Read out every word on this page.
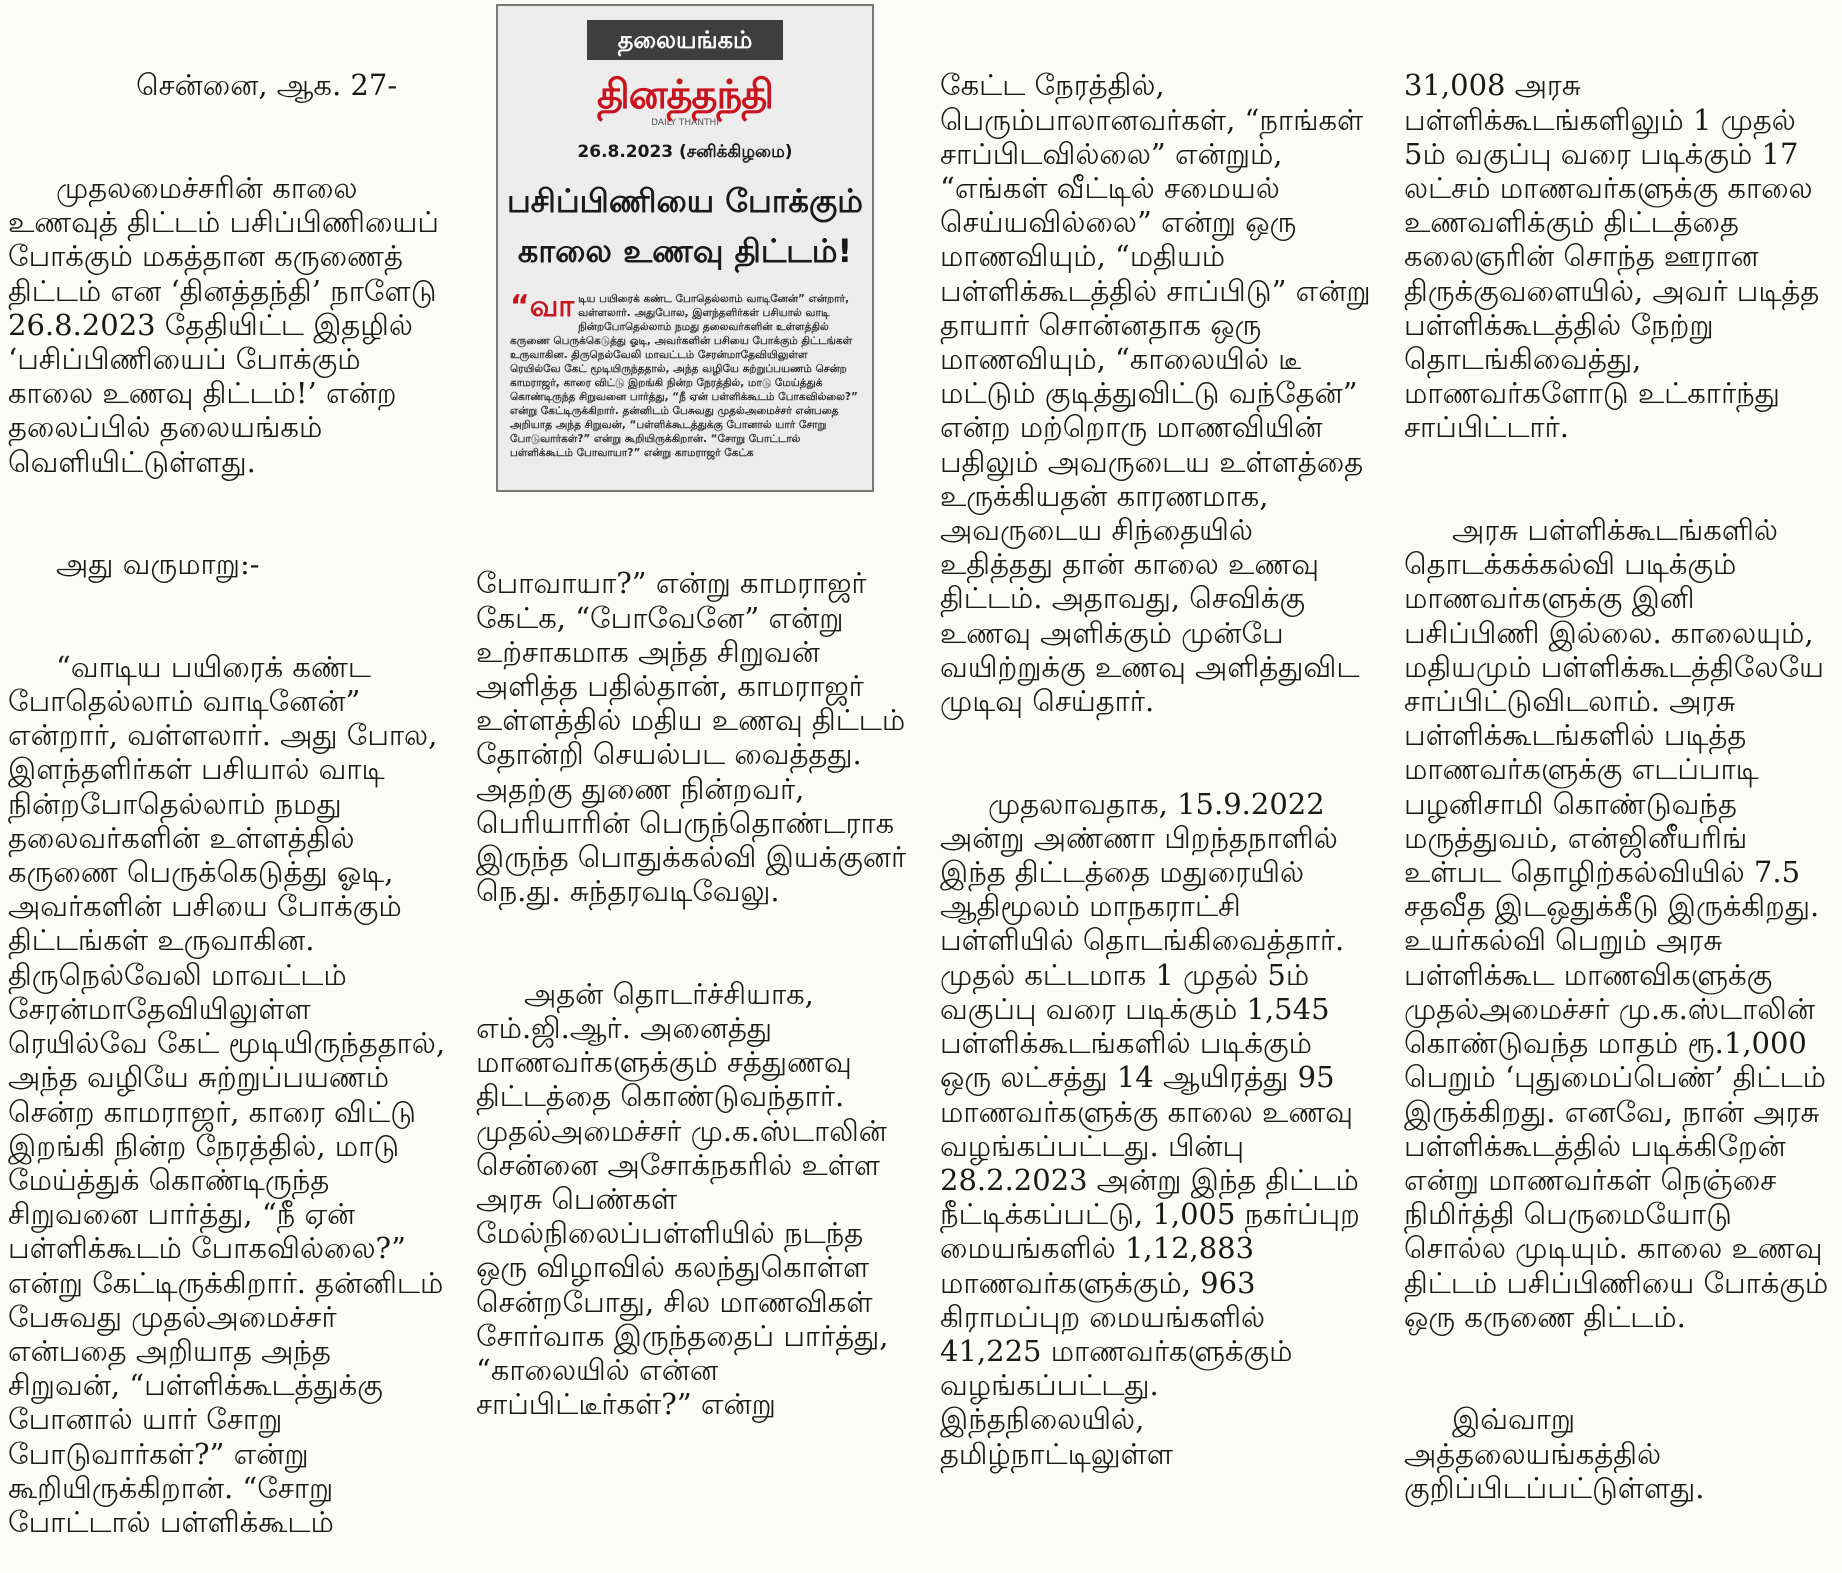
சென்னை, ஆக. 27-

முதலமைச்சரின் காலை உணவுத் திட்டம் பசிப்பிணியைப் போக்கும் மகத்தான கருணைத் திட்டம் என ‘தினத்தந்தி’ நாளேடு 26.8.2023 தேதியிட்ட இதழில் ‘பசிப்பிணியைப் போக்கும் காலை உணவு திட்டம்!’ என்ற தலைப்பில் தலையங்கம் வெளியிட்டுள்ளது.

அது வருமாறு:-

“வாடிய பயிரைக் கண்ட போதெல்லாம் வாடினேன்” என்றார், வள்ளலார். அது போல, இளந்தளிர்கள் பசியால் வாடி நின்றபோதெல்லாம் நமது தலைவர்களின் உள்ளத்தில் கருணை பெருக்கெடுத்து ஓடி, அவர்களின் பசியை போக்கும் திட்டங்கள் உருவாகின. திருநெல்வேலி மாவட்டம் சேரன்மாதேவியிலுள்ள ரெயில்வே கேட் மூடியிருந்ததால், அந்த வழியே சுற்றுப்பயணம் சென்ற காமராஜர், காரை விட்டு இறங்கி நின்ற நேரத்தில், மாடு மேய்த்துக் கொண்டிருந்த சிறுவனை பார்த்து, “நீ ஏன் பள்ளிக்கூடம் போகவில்லை?” என்று கேட்டிருக்கிறார். தன்னிடம் பேசுவது முதல்அமைச்சர் என்பதை அறியாத அந்த சிறுவன், “பள்ளிக்கூடத்துக்கு போனால் யார் சோறு போடுவார்கள்?” என்று கூறியிருக்கிறான். “சோறு போட்டால் பள்ளிக்கூடம்

தலையங்கம்
தினத்தந்தி
DAILY THANTHI
26.8.2023 (சனிக்கிழமை)
பசிப்பிணியை போக்கும்
காலை உணவு திட்டம்!
“வாடிய பயிரைக் கண்ட போதெல்லாம் வாடினேன்” என்றார், வள்ளலார். அதுபோல, இளந்தளிர்கள் பசியால் வாடி நின்றபோதெல்லாம் நமது தலைவர்களின் உள்ளத்தில் கருணை பெருக்கெடுத்து ஓடி, அவர்களின் பசியை போக்கும் திட்டங்கள் உருவாகின. திருநெல்வேலி மாவட்டம் சேரன்மாதேவியிலுள்ள ரெயில்வே கேட் மூடியிருந்ததால், அந்த வழியே சுற்றுப்பயணம் சென்ற காமராஜர், காரை விட்டு இறங்கி நின்ற நேரத்தில், மாடு மேய்த்துக் கொண்டிருந்த சிறுவனை பார்த்து, “நீ ஏன் பள்ளிக்கூடம் போகவில்லை?” என்று கேட்டிருக்கிறார். தன்னிடம் பேசுவது முதல்அமைச்சர் என்பதை அறியாத அந்த சிறுவன், “பள்ளிக்கூடத்துக்கு போனால் யார் சோறு போடுவார்கள்?” என்று கூறியிருக்கிறான். “சோறு போட்டால் பள்ளிக்கூடம் போவாயா?” என்று காமராஜர் கேட்க

போவாயா?” என்று காமராஜர் கேட்க, “போவேனே” என்று உற்சாகமாக அந்த சிறுவன் அளித்த பதில்தான், காமராஜர் உள்ளத்தில் மதிய உணவு திட்டம் தோன்றி செயல்பட வைத்தது. அதற்கு துணை நின்றவர், பெரியாரின் பெருந்தொண்டராக இருந்த பொதுக்கல்வி இயக்குனர் நெ.து. சுந்தரவடிவேலு.

அதன் தொடர்ச்சியாக, எம்.ஜி.ஆர். அனைத்து மாணவர்களுக்கும் சத்துணவு திட்டத்தை கொண்டுவந்தார். முதல்அமைச்சர் மு.க.ஸ்டாலின் சென்னை அசோக்நகரில் உள்ள அரசு பெண்கள் மேல்நிலைப்பள்ளியில் நடந்த ஒரு விழாவில் கலந்துகொள்ள சென்றபோது, சில மாணவிகள் சோர்வாக இருந்ததைப் பார்த்து, “காலையில் என்ன சாப்பிட்டீர்கள்?” என்று

கேட்ட நேரத்தில், பெரும்பாலானவர்கள், “நாங்கள் சாப்பிடவில்லை” என்றும், “எங்கள் வீட்டில் சமையல் செய்யவில்லை” என்று ஒரு மாணவியும், “மதியம் பள்ளிக்கூடத்தில் சாப்பிடு” என்று தாயார் சொன்னதாக ஒரு மாணவியும், “காலையில் டீ மட்டும் குடித்துவிட்டு வந்தேன்” என்ற மற்றொரு மாணவியின் பதிலும் அவருடைய உள்ளத்தை உருக்கியதன் காரணமாக, அவருடைய சிந்தையில் உதித்தது தான் காலை உணவு திட்டம். அதாவது, செவிக்கு உணவு அளிக்கும் முன்பே வயிற்றுக்கு உணவு அளித்துவிட முடிவு செய்தார்.

முதலாவதாக, 15.9.2022 அன்று அண்ணா பிறந்தநாளில் இந்த திட்டத்தை மதுரையில் ஆதிமூலம் மாநகராட்சி பள்ளியில் தொடங்கிவைத்தார். முதல் கட்டமாக 1 முதல் 5ம் வகுப்பு வரை படிக்கும் 1,545 பள்ளிக்கூடங்களில் படிக்கும் ஒரு லட்சத்து 14 ஆயிரத்து 95 மாணவர்களுக்கு காலை உணவு வழங்கப்பட்டது. பின்பு 28.2.2023 அன்று இந்த திட்டம் நீட்டிக்கப்பட்டு, 1,005 நகர்ப்புற மையங்களில் 1,12,883 மாணவர்களுக்கும், 963 கிராமப்புற மையங்களில் 41,225 மாணவர்களுக்கும் வழங்கப்பட்டது. இந்தநிலையில், தமிழ்நாட்டிலுள்ள

31,008 அரசு பள்ளிக்கூடங்களிலும் 1 முதல் 5ம் வகுப்பு வரை படிக்கும் 17 லட்சம் மாணவர்களுக்கு காலை உணவளிக்கும் திட்டத்தை கலைஞரின் சொந்த ஊரான திருக்குவளையில், அவர் படித்த பள்ளிக்கூடத்தில் நேற்று தொடங்கிவைத்து, மாணவர்களோடு உட்கார்ந்து சாப்பிட்டார்.

அரசு பள்ளிக்கூடங்களில் தொடக்கக்கல்வி படிக்கும் மாணவர்களுக்கு இனி பசிப்பிணி இல்லை. காலையும், மதியமும் பள்ளிக்கூடத்திலேயே சாப்பிட்டுவிடலாம். அரசு பள்ளிக்கூடங்களில் படித்த மாணவர்களுக்கு எடப்பாடி பழனிசாமி கொண்டுவந்த மருத்துவம், என்ஜினீயரிங் உள்பட தொழிற்கல்வியில் 7.5 சதவீத இடஒதுக்கீடு இருக்கிறது. உயர்கல்வி பெறும் அரசு பள்ளிக்கூட மாணவிகளுக்கு முதல்அமைச்சர் மு.க.ஸ்டாலின் கொண்டுவந்த மாதம் ரூ.1,000 பெறும் ‘புதுமைப்பெண்’ திட்டம் இருக்கிறது. எனவே, நான் அரசு பள்ளிக்கூடத்தில் படிக்கிறேன் என்று மாணவர்கள் நெஞ்சை நிமிர்த்தி பெருமையோடு சொல்ல முடியும். காலை உணவு திட்டம் பசிப்பிணியை போக்கும் ஒரு கருணை திட்டம்.

இவ்வாறு அத்தலையங்கத்தில் குறிப்பிடப்பட்டுள்ளது.
